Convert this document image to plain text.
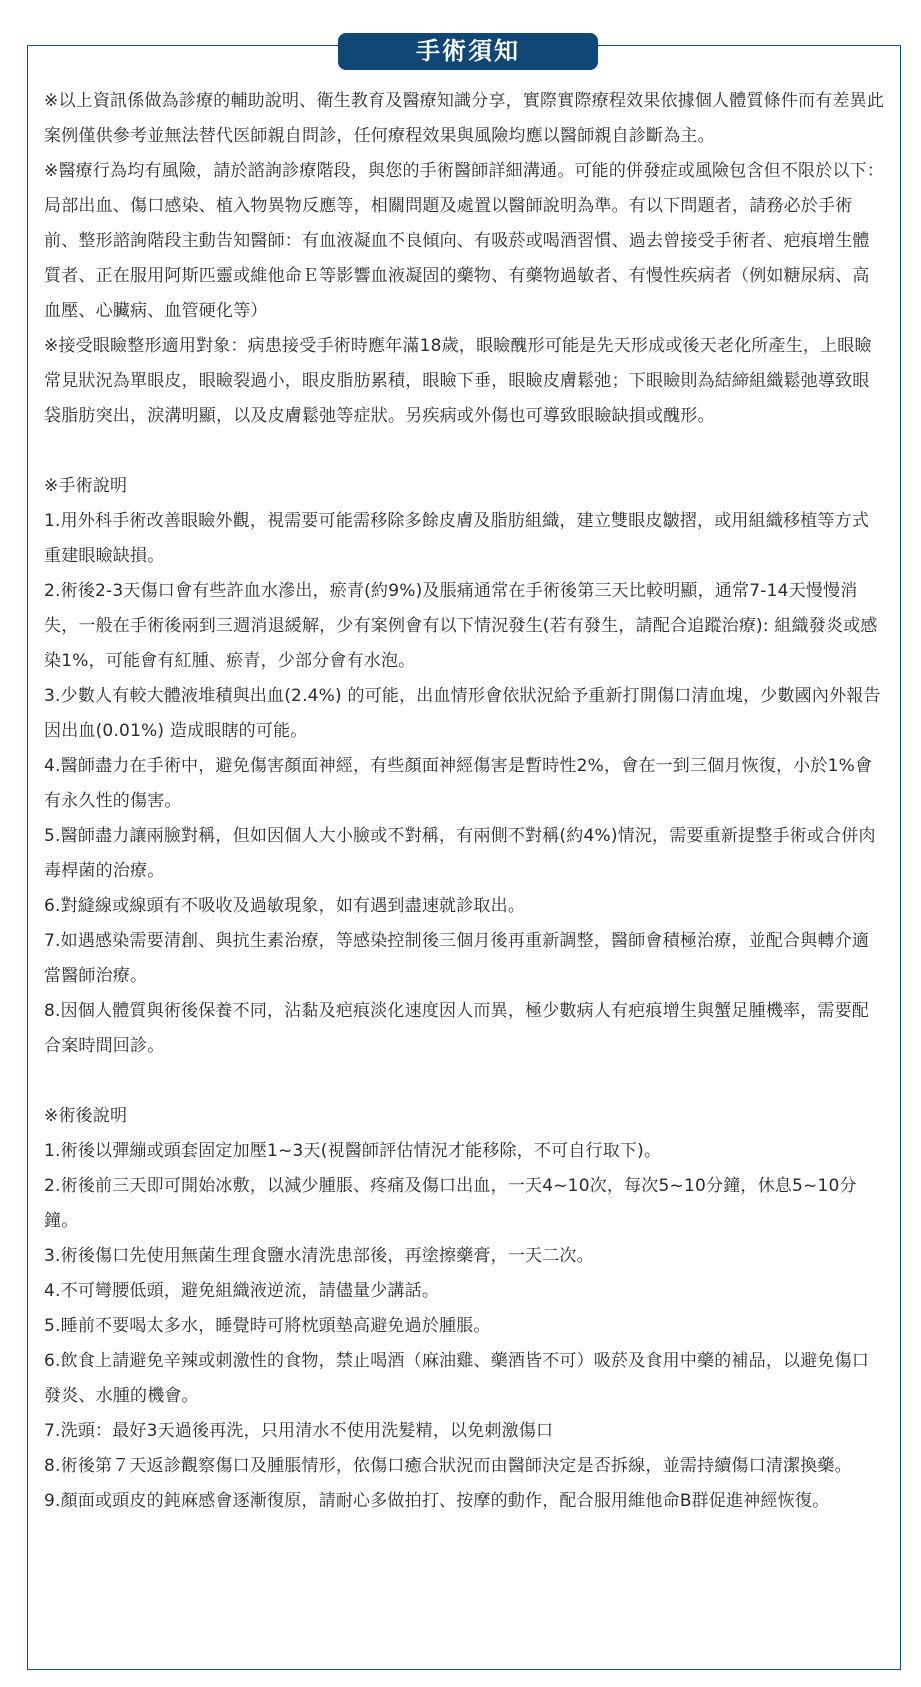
手術須知

※以上資訊係做為診療的輔助說明、衛生教育及醫療知識分享，實際實際療程效果依據個人體質條件而有差異此案例僅供參考並無法替代医師親自問診，任何療程效果與風險均應以醫師親自診斷為主。

※醫療行為均有風險，請於諮詢診療階段，與您的手術醫師詳細溝通。可能的併發症或風險包含但不限於以下：局部出血、傷口感染、植入物異物反應等，相關問題及處置以醫師說明為準。有以下問題者，請務必於手術前、整形諮詢階段主動告知醫師：有血液凝血不良傾向、有吸菸或喝酒習慣、過去曾接受手術者、疤痕增生體質者、正在服用阿斯匹靈或維他命Ｅ等影響血液凝固的藥物、有藥物過敏者、有慢性疾病者（例如糖尿病、高血壓、心臟病、血管硬化等）

※接受眼瞼整形適用對象：病患接受手術時應年滿18歲，眼瞼醜形可能是先天形成或後天老化所產生，上眼瞼常見狀況為單眼皮，眼瞼裂過小，眼皮脂肪累積，眼瞼下垂，眼瞼皮膚鬆弛；下眼瞼則為結締組織鬆弛導致眼袋脂肪突出，淚溝明顯，以及皮膚鬆弛等症狀。另疾病或外傷也可導致眼瞼缺損或醜形。

※手術說明

1.用外科手術改善眼瞼外觀，視需要可能需移除多餘皮膚及脂肪組織，建立雙眼皮皺摺，或用組織移植等方式重建眼瞼缺損。

2.術後2-3天傷口會有些許血水滲出，瘀青(約9%)及脹痛通常在手術後第三天比較明顯，通常7-14天慢慢消失，一般在手術後兩到三週消退緩解，少有案例會有以下情況發生(若有發生，請配合追蹤治療): 組織發炎或感染1%，可能會有紅腫、瘀青，少部分會有水泡。

3.少數人有較大體液堆積與出血(2.4%) 的可能，出血情形會依狀況給予重新打開傷口清血塊，少數國內外報告因出血(0.01%) 造成眼瞎的可能。

4.醫師盡力在手術中，避免傷害顏面神經，有些顏面神經傷害是暫時性2%，會在一到三個月恢復，小於1%會有永久性的傷害。

5.醫師盡力讓兩臉對稱，但如因個人大小臉或不對稱，有兩側不對稱(約4%)情況，需要重新提整手術或合併肉毒桿菌的治療。

6.對縫線或線頭有不吸收及過敏現象，如有遇到盡速就診取出。

7.如遇感染需要清創、與抗生素治療，等感染控制後三個月後再重新調整，醫師會積極治療，並配合與轉介適當醫師治療。

8.因個人體質與術後保養不同，沾黏及疤痕淡化速度因人而異，極少數病人有疤痕增生與蟹足腫機率，需要配合案時間回診。

※術後說明

1.術後以彈繃或頭套固定加壓1~3天(視醫師評估情況才能移除，不可自行取下)。

2.術後前三天即可開始冰敷，以減少腫脹、疼痛及傷口出血，一天4~10次，每次5~10分鐘，休息5~10分鐘。

3.術後傷口先使用無菌生理食鹽水清洗患部後，再塗擦藥膏，一天二次。

4.不可彎腰低頭，避免組織液逆流，請儘量少講話。

5.睡前不要喝太多水，睡覺時可將枕頭墊高避免過於腫脹。

6.飲食上請避免辛辣或刺激性的食物，禁止喝酒（麻油雞、藥酒皆不可）吸菸及食用中藥的補品，以避免傷口發炎、水腫的機會。

7.洗頭：最好3天過後再洗，只用清水不使用洗髮精，以免刺激傷口

8.術後第７天返診觀察傷口及腫脹情形，依傷口癒合狀況而由醫師決定是否拆線，並需持續傷口清潔換藥。

9.顏面或頭皮的鈍麻感會逐漸復原，請耐心多做拍打、按摩的動作，配合服用維他命B群促進神經恢復。
